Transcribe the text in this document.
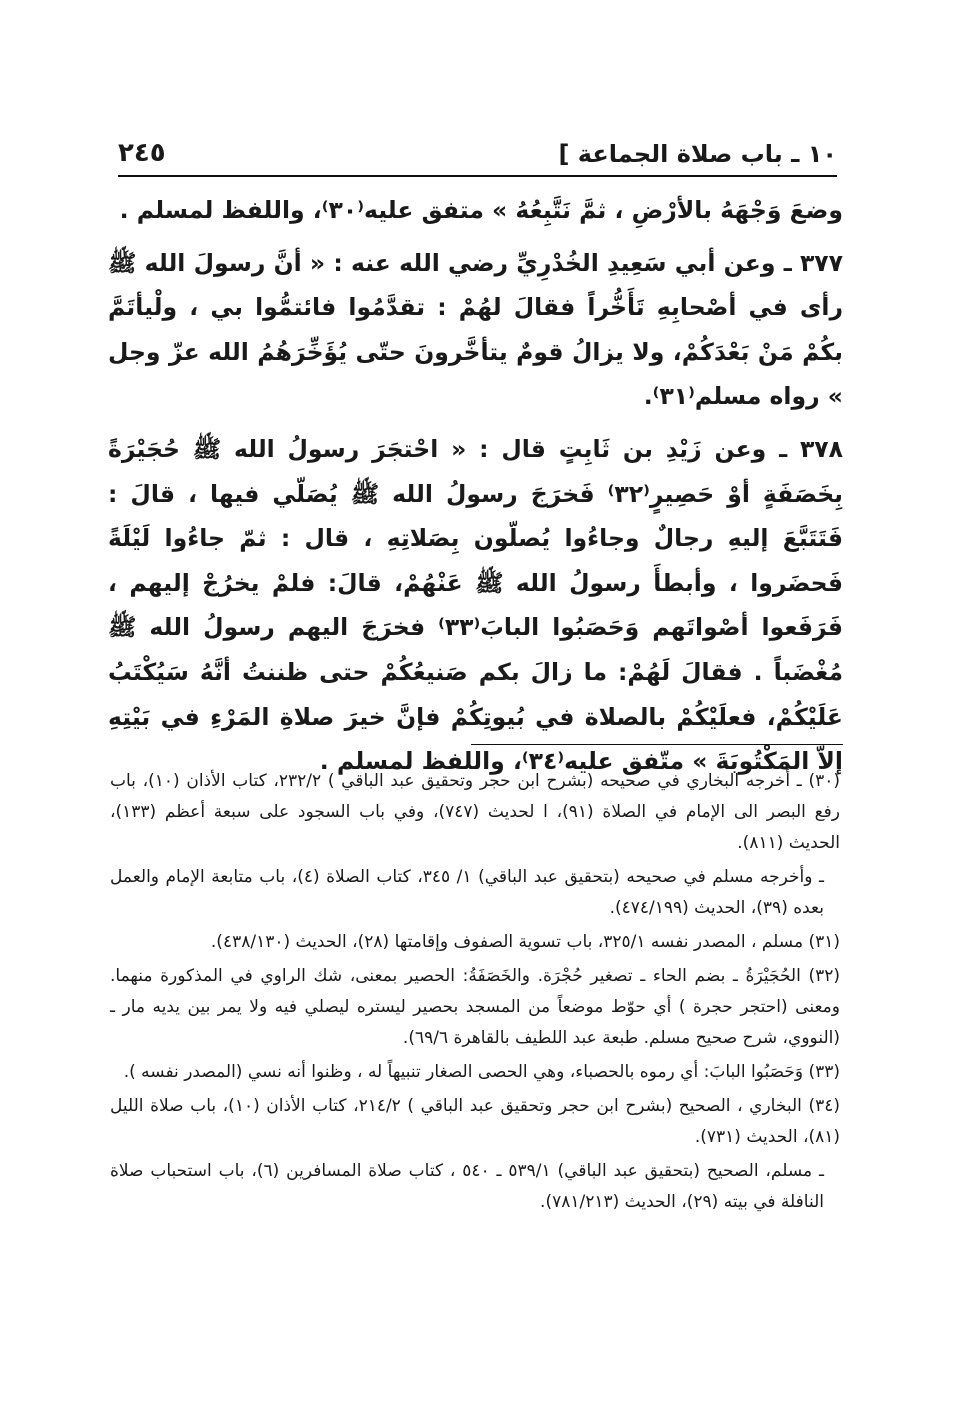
١٠ ـ باب صلاة الجماعة ]
٢٤٥

وضعَ وَجْهَهُ بالأرْضِ ، ثمَّ نَتَّبِعُهُ » متفق عليه⁽٣٠⁾، واللفظ لمسلم .

٣٧٧ ـ وعن أبي سَعِيدِ الخُدْرِيِّ رضي الله عنه : « أنَّ رسولَ الله ﷺ رأى في أصْحابِهِ تَأَخُّراً فقالَ لهُمْ : تقدَّمُوا فائتمُّوا بي ، ولْيأتَمَّ بكُمْ مَنْ بَعْدَكُمْ، ولا يزالُ قومٌ يتأخَّرونَ حتّى يُؤَخِّرَهُمُ الله عزّ وجل » رواه مسلم⁽٣١⁾.

٣٧٨ ـ وعن زَيْدِ بن ثَابِتٍ قال : « احْتجَرَ رسولُ الله ﷺ حُجَيْرَةً بِخَصَفَةٍ أوْ حَصِيرٍ⁽٣٢⁾ فَخرَجَ رسولُ الله ﷺ يُصَلّي فيها ، قالَ : فَتَتَبَّعَ إليهِ رجالٌ وجاءُوا يُصلّون بِصَلاتِهِ ، قال : ثمّ جاءُوا لَيْلَةً فَحضَروا ، وأبطأَ رسولُ الله ﷺ عَنْهُمْ، قالَ: فلمْ يخرُجْ إليهم ، فَرَفَعوا أصْواتَهم وَحَصَبُوا البابَ⁽٣٣⁾ فخرَجَ اليهم رسولُ الله ﷺ مُغْضَباً . فقالَ لَهُمْ: ما زالَ بكم صَنيعُكُمْ حتى ظننتُ أنَّهُ سَيُكْتَبُ عَلَيْكُمْ، فعلَيْكُمْ بالصلاة في بُيوتِكُمْ فإنَّ خيرَ صلاةِ المَرْءِ في بَيْتِهِ إلاّ المَكْتُوبَةَ » متّفق عليه⁽٣٤⁾، واللفظ لمسلم .

(٣٠) ـ أخرجه البخاري في صحيحه (بشرح ابن حجر وتحقيق عبد الباقي ) ٢٣٢/٢، كتاب الأذان (١٠)، باب رفع البصر الى الإمام في الصلاة (٩١)، ا لحديث (٧٤٧)، وفي باب السجود على سبعة أعظم (١٣٣)، الحديث (٨١١).

ـ وأخرجه مسلم في صحيحه (بتحقيق عبد الباقي) ١/ ٣٤٥، كتاب الصلاة (٤)، باب متابعة الإمام والعمل بعده (٣٩)، الحديث (٤٧٤/١٩٩).

(٣١) مسلم ، المصدر نفسه ٣٢٥/١، باب تسوية الصفوف وإقامتها (٢٨)، الحديث (٤٣٨/١٣٠).

(٣٢) الحُجَيْرَةُ ـ بضم الحاء ـ تصغير حُجْرَة. والخَصَفَةُ: الحصير بمعنى، شك الراوي في المذكورة منهما. ومعنى (احتجر حجرة ) أي حوّط موضعاً من المسجد بحصير ليستره ليصلي فيه ولا يمر بين يديه مار ـ (النووي، شرح صحيح مسلم. طبعة عبد اللطيف بالقاهرة ٦٩/٦).

(٣٣) وَحَصَبُوا البابَ: أي رموه بالحصباء، وهي الحصى الصغار تنبيهاً له ، وظنوا أنه نسي (المصدر نفسه ).

(٣٤) البخاري ، الصحيح (بشرح ابن حجر وتحقيق عبد الباقي ) ٢١٤/٢، كتاب الأذان (١٠)، باب صلاة الليل (٨١)، الحديث (٧٣١).

ـ مسلم، الصحيح (بتحقيق عبد الباقي) ٥٣٩/١ ـ ٥٤٠ ، كتاب صلاة المسافرين (٦)، باب استحباب صلاة النافلة في بيته (٢٩)، الحديث (٧٨١/٢١٣).
